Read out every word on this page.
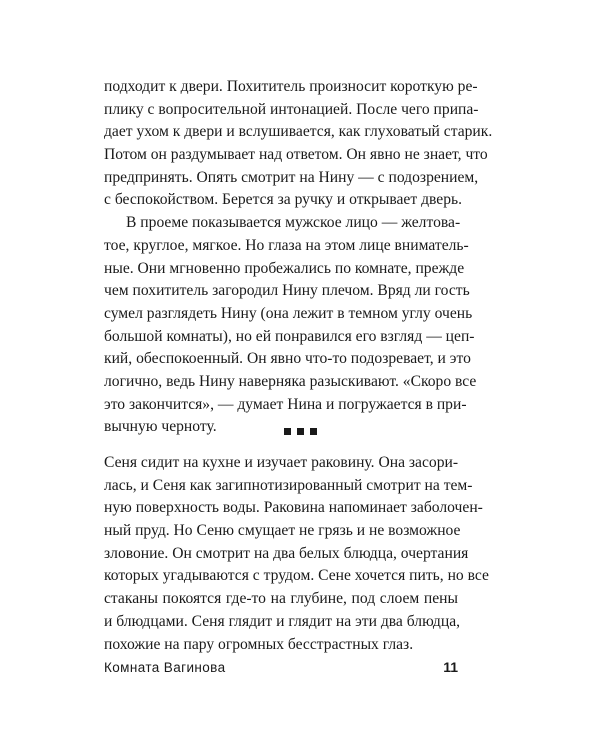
подходит к двери. Похититель произносит короткую ре-
плику с вопросительной интонацией. После чего припа-
дает ухом к двери и вслушивается, как глуховатый старик.
Потом он раздумывает над ответом. Он явно не знает, что
предпринять. Опять смотрит на Нину — с подозрением,
с беспокойством. Берется за ручку и открывает дверь.
В проеме показывается мужское лицо — желтова-
тое, круглое, мягкое. Но глаза на этом лице вниматель-
ные. Они мгновенно пробежались по комнате, прежде
чем похититель загородил Нину плечом. Вряд ли гость
сумел разглядеть Нину (она лежит в темном углу очень
большой комнаты), но ей понравился его взгляд — цеп-
кий, обеспокоенный. Он явно что-то подозревает, и это
логично, ведь Нину наверняка разыскивают. «Скоро все
это закончится», — думает Нина и погружается в при-
вычную черноту.
Сеня сидит на кухне и изучает раковину. Она засори-
лась, и Сеня как загипнотизированный смотрит на тем-
ную поверхность воды. Раковина напоминает заболочен-
ный пруд. Но Сеню смущает не грязь и не возможное
зловоние. Он смотрит на два белых блюдца, очертания
которых угадываются с трудом. Сене хочется пить, но все
стаканы покоятся где-то на глубине, под слоем пены
и блюдцами. Сеня глядит и глядит на эти два блюдца,
похожие на пару огромных бесстрастных глаз.
Комната Вагинова	11
